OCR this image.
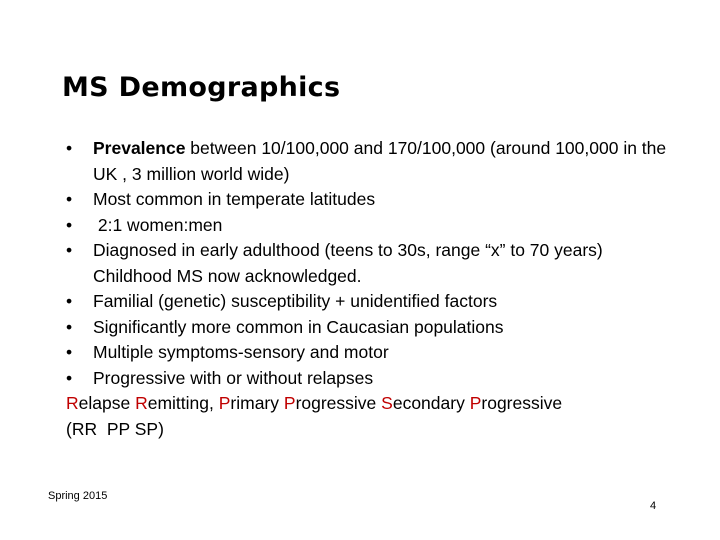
MS Demographics
• Prevalence between 10/100,000 and 170/100,000 (around 100,000 in the UK , 3 million world wide)
• Most common in temperate latitudes
• 2:1 women:men
• Diagnosed in early adulthood (teens to 30s, range “x” to 70 years) Childhood MS now acknowledged.
• Familial (genetic) susceptibility + unidentified factors
• Significantly more common in Caucasian populations
• Multiple symptoms-sensory and motor
• Progressive with or without relapses
Relapse Remitting, Primary Progressive Secondary Progressive
(RR  PP SP)
Spring 2015
4
